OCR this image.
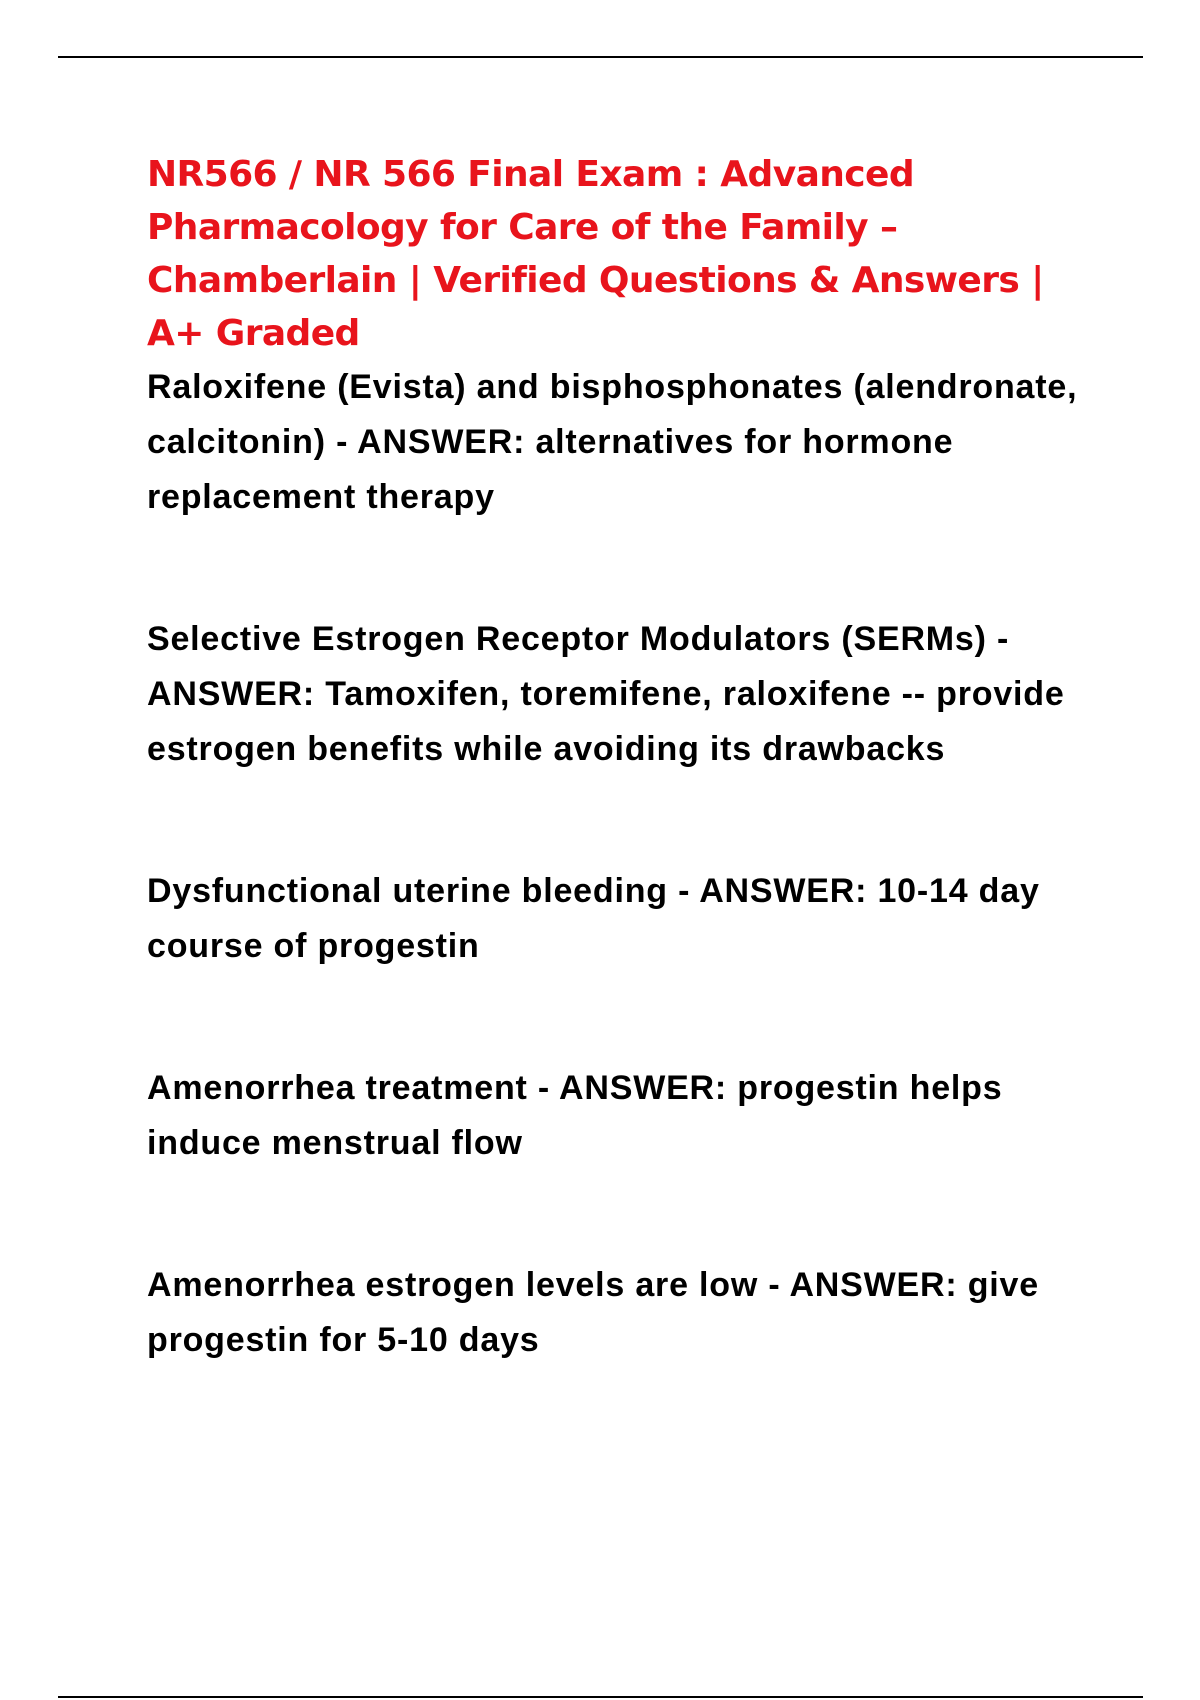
NR566 / NR 566 Final Exam : Advanced Pharmacology for Care of the Family – Chamberlain | Verified Questions & Answers | A+ Graded

Raloxifene (Evista) and bisphosphonates (alendronate, calcitonin) - ANSWER: alternatives for hormone replacement therapy

Selective Estrogen Receptor Modulators (SERMs) - ANSWER: Tamoxifen, toremifene, raloxifene -- provide estrogen benefits while avoiding its drawbacks

Dysfunctional uterine bleeding - ANSWER: 10-14 day course of progestin

Amenorrhea treatment - ANSWER: progestin helps induce menstrual flow

Amenorrhea estrogen levels are low - ANSWER: give progestin for 5-10 days
